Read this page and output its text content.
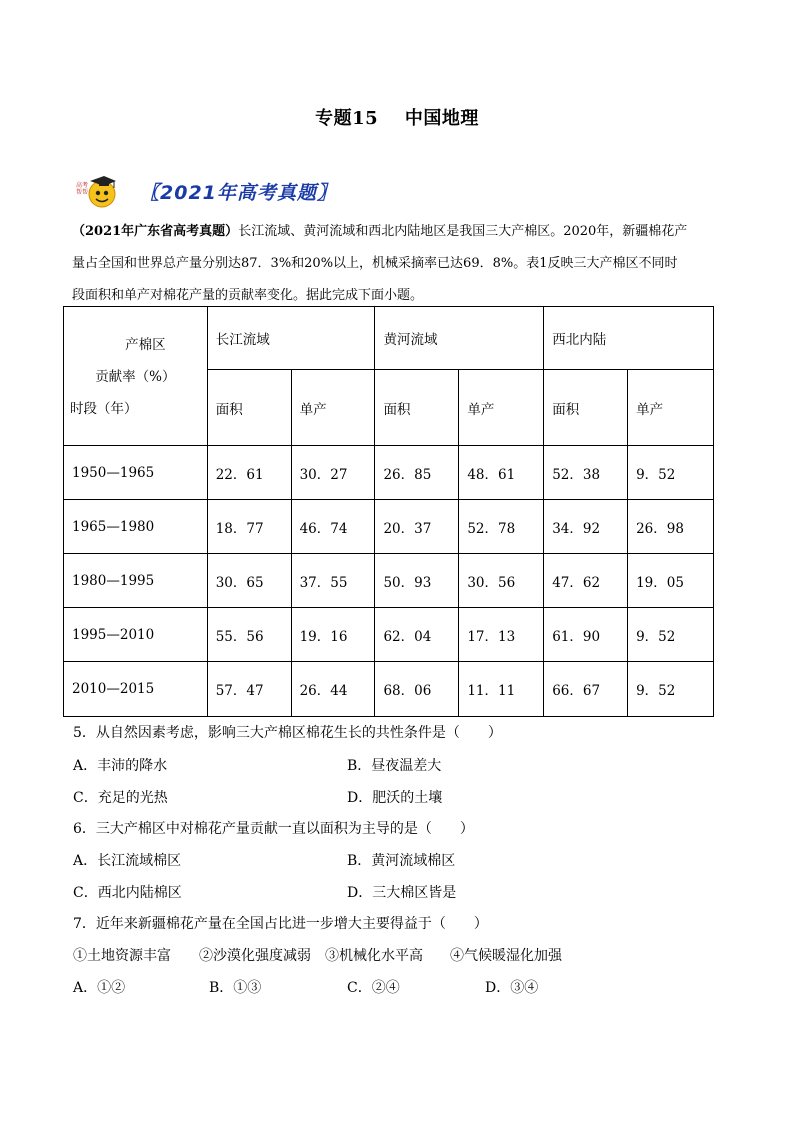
专题15 中国地理
高考帮帮	〖2021年高考真题〗
（2021年广东省高考真题）长江流域、黄河流域和西北内陆地区是我国三大产棉区。2020年，新疆棉花产
量占全国和世界总产量分别达87．3%和20%以上，机械采摘率已达69．8%。表1反映三大产棉区不同时
段面积和单产对棉花产量的贡献率变化。据此完成下面小题。
产棉区
贡献率（%）
时段（年）	长江流域		黄河流域		西北内陆	
	面积	单产	面积	单产	面积	单产
1950—1965	22．61	30．27	26．85	48．61	52．38	9．52
1965—1980	18．77	46．74	20．37	52．78	34．92	26．98
1980—1995	30．65	37．55	50．93	30．56	47．62	19．05
1995—2010	55．56	19．16	62．04	17．13	61．90	9．52
2010—2015	57．47	26．44	68．06	11．11	66．67	9．52
5．从自然因素考虑，影响三大产棉区棉花生长的共性条件是（　　）
A．丰沛的降水	B．昼夜温差大
C．充足的光热	D．肥沃的土壤
6．三大产棉区中对棉花产量贡献一直以面积为主导的是（　　）
A．长江流域棉区	B．黄河流域棉区
C．西北内陆棉区	D．三大棉区皆是
7．近年来新疆棉花产量在全国占比进一步增大主要得益于（　　）
①土地资源丰富 ②沙漠化强度减弱 ③机械化水平高 ④气候暖湿化加强
A．①②	B．①③	C．②④	D．③④
